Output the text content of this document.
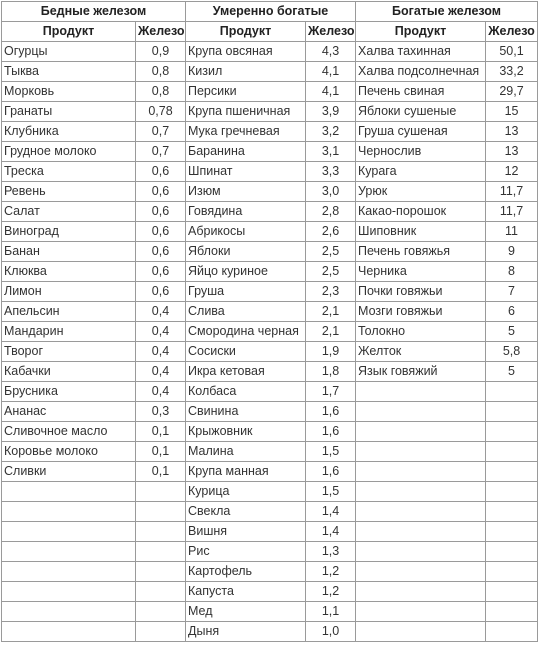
Бедные железом		Умеренно богатые		Богатые железом	
Продукт	Железо	Продукт	Железо	Продукт	Железо
Огурцы	0,9	Крупа овсяная	4,3	Халва тахинная	50,1
Тыква	0,8	Кизил	4,1	Халва подсолнечная	33,2
Морковь	0,8	Персики	4,1	Печень свиная	29,7
Гранаты	0,78	Крупа пшеничная	3,9	Яблоки сушеные	15
Клубника	0,7	Мука гречневая	3,2	Груша сушеная	13
Грудное молоко	0,7	Баранина	3,1	Чернослив	13
Треска	0,6	Шпинат	3,3	Курага	12
Ревень	0,6	Изюм	3,0	Урюк	11,7
Салат	0,6	Говядина	2,8	Какао-порошок	11,7
Виноград	0,6	Абрикосы	2,6	Шиповник	11
Банан	0,6	Яблоки	2,5	Печень говяжья	9
Клюква	0,6	Яйцо куриное	2,5	Черника	8
Лимон	0,6	Груша	2,3	Почки говяжьи	7
Апельсин	0,4	Слива	2,1	Мозги говяжьи	6
Мандарин	0,4	Смородина черная	2,1	Толокно	5
Творог	0,4	Сосиски	1,9	Желток	5,8
Кабачки	0,4	Икра кетовая	1,8	Язык говяжий	5
Брусника	0,4	Колбаса	1,7		
Ананас	0,3	Свинина	1,6		
Сливочное масло	0,1	Крыжовник	1,6		
Коровье молоко	0,1	Малина	1,5		
Сливки	0,1	Крупа манная	1,6		
		Курица	1,5		
		Свекла	1,4		
		Вишня	1,4		
		Рис	1,3		
		Картофель	1,2		
		Капуста	1,2		
		Мед	1,1		
		Дыня	1,0		
